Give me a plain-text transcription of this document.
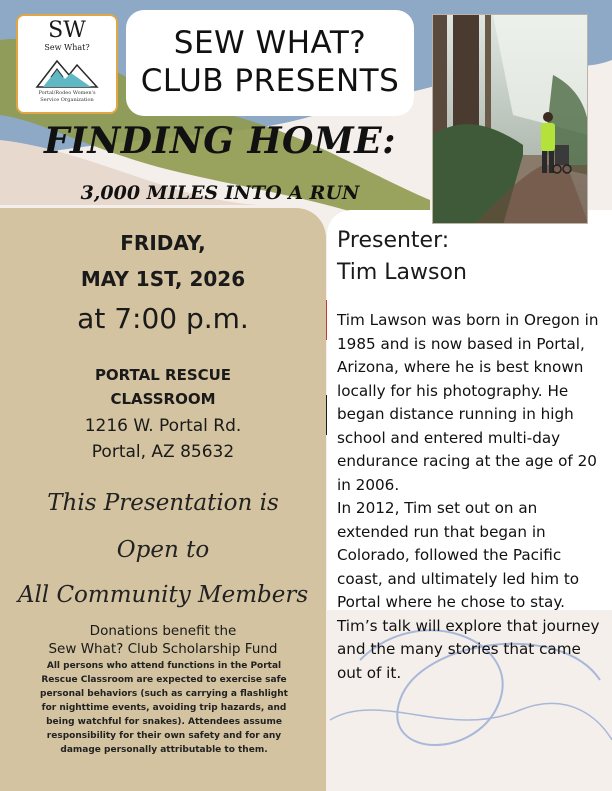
SW
Sew What?
Portal/Rodeo Women's
Service Organization
SEW WHAT?
CLUB PRESENTS
FINDING HOME:
3,000 MILES INTO A RUN
FRIDAY,
MAY 1ST, 2026
at 7:00 p.m.
PORTAL RESCUE
CLASSROOM
1216 W. Portal Rd.
Portal, AZ 85632
This Presentation is
Open to
All Community Members
Donations benefit the
Sew What? Club Scholarship Fund
All persons who attend functions in the Portal Rescue Classroom are expected to exercise safe personal behaviors (such as carrying a flashlight for nighttime events, avoiding trip hazards, and being watchful for snakes). Attendees assume responsibility for their own safety and for any damage personally attributable to them.
Presenter:
Tim Lawson

Tim Lawson was born in Oregon in 1985 and is now based in Portal, Arizona, where he is best known locally for his photography. He began distance running in high school and entered multi-day endurance racing at the age of 20 in 2006.

In 2012, Tim set out on an extended run that began in Colorado, followed the Pacific coast, and ultimately led him to Portal where he chose to stay.

Tim’s talk will explore that journey and the many stories that came out of it.
